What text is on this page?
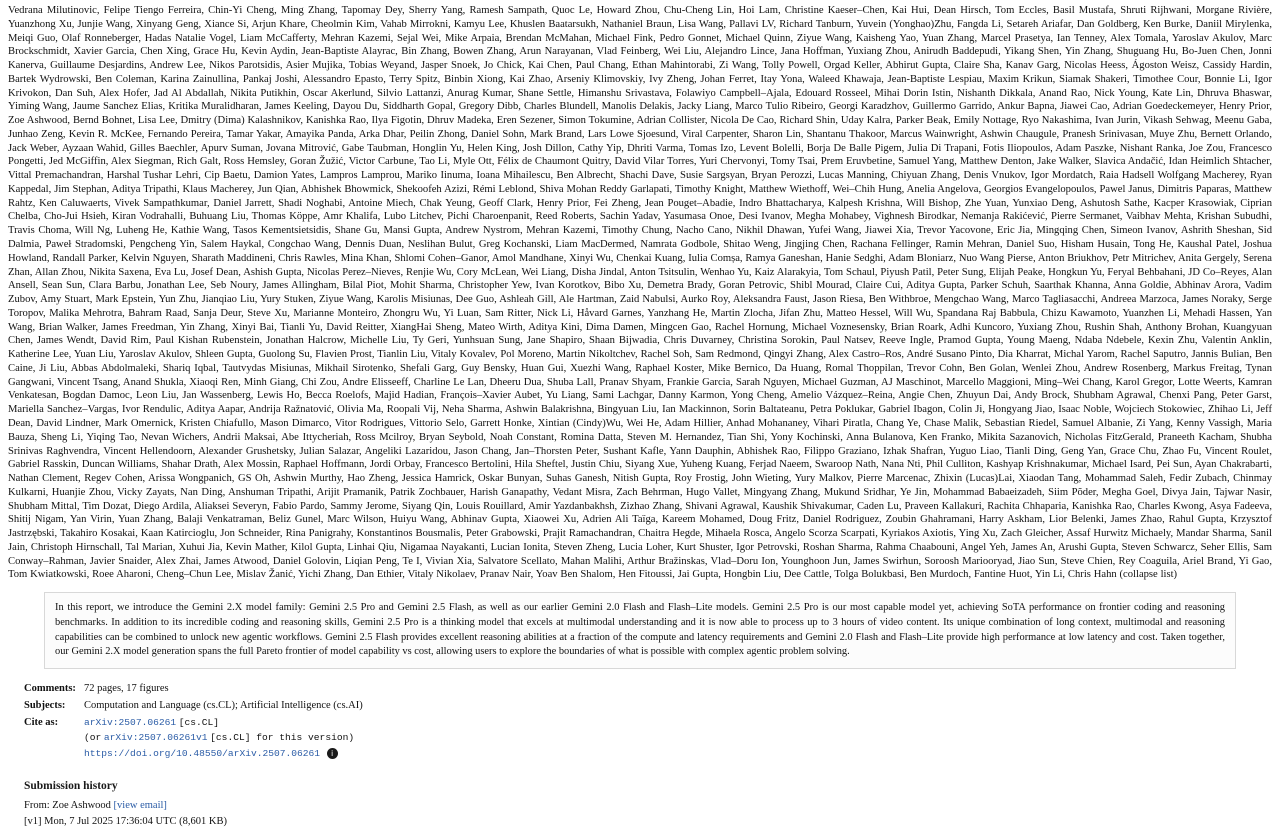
Vedrana Milutinovic, Felipe Tiengo Ferreira, Chin-Yi Cheng, Ming Zhang, Tapomay Dey, Sherry Yang, Ramesh Sampath, Quoc Le, Howard Zhou, Chu-Cheng Lin, Hoi Lam, Christine Kaeser–Chen, Kai Hui, Dean Hirsch, Tom Eccles, Basil Mustafa, Shruti Rijhwani, Morgane Rivière, Yuanzhong Xu, Junjie Wang, Xinyang Geng, Xiance Si, Arjun Khare, Cheolmin Kim, Vahab Mirrokni, Kamyu Lee, Khuslen Baatarsukh, Nathaniel Braun, Lisa Wang, Pallavi LV, Richard Tanburn, Yuvein (Yonghao)Zhu, Fangda Li, Setareh Ariafar, Dan Goldberg, Ken Burke, Daniil Mirylenka, Meiqi Guo, Olaf Ronneberger, Hadas Natalie Vogel, Liam McCafferty, Mehran Kazemi, Sejal Wei, Mike Arpaia, Brendan McMahan, Michael Fink, Pedro Gonnet, Michael Quinn, Ziyue Wang, Kaisheng Yao, Yuan Zhang, Marcel Prasetya, Ian Tenney, Alex Tomala, Yaroslav Akulov, Marc Brockschmidt, Xavier Garcia, Chen Xing, Grace Hu, Kevin Aydin, Jean-Baptiste Alayrac, Bin Zhang, Bowen Zhang, Arun Narayanan, Vlad Feinberg, Wei Liu, Alejandro Lince, Jana Hoffman, Yuxiang Zhou, Anirudh Baddepudi, Yikang Shen, Yin Zhang, Shuguang Hu, Bo-Juen Chen, Jonni Kanerva, Guillaume Desjardins, Andrew Lee, Nikos Parotsidis, Asier Mujika, Tobias Weyand, Jasper Snoek, Jo Chick, Kai Chen, Paul Chang, Ethan Mahintorabi, Zi Wang, Tolly Powell, Orgad Keller, Abhirut Gupta, Claire Sha, Kanav Garg, Nicolas Heess, Ágoston Weisz, Cassidy Hardin, Bartek Wydrowski, Ben Coleman, Karina Zainullina, Pankaj Joshi, Alessandro Epasto, Terry Spitz, Binbin Xiong, Kai Zhao, Arseniy Klimovskiy, Ivy Zheng, Johan Ferret, Itay Yona, Waleed Khawaja, Jean-Baptiste Lespiau, Maxim Krikun, Siamak Shakeri, Timothee Cour, Bonnie Li, Igor Krivokon, Dan Suh, Alex Hofer, Jad Al Abdallah, Nikita Putikhin, Oscar Akerlund, Silvio Lattanzi, Anurag Kumar, Shane Settle, Himanshu Srivastava, Folawiyo Campbell–Ajala, Edouard Rosseel, Mihai Dorin Istin, Nishanth Dikkala, Anand Rao, Nick Young, Kate Lin, Dhruva Bhaswar, Yiming Wang, Jaume Sanchez Elias, Kritika Muralidharan, James Keeling, Dayou Du, Siddharth Gopal, Gregory Dibb, Charles Blundell, Manolis Delakis, Jacky Liang, Marco Tulio Ribeiro, Georgi Karadzhov, Guillermo Garrido, Ankur Bapna, Jiawei Cao, Adrian Goedeckemeyer, Henry Prior, Zoe Ashwood, Bernd Bohnet, Lisa Lee, Dmitry (Dima) Kalashnikov, Kanishka Rao, Ilya Figotin, Dhruv Madeka, Eren Sezener, Simon Tokumine, Adrian Collister, Nicola De Cao, Richard Shin, Uday Kalra, Parker Beak, Emily Nottage, Ryo Nakashima, Ivan Jurin, Vikash Sehwag, Meenu Gaba, Junhao Zeng, Kevin R. McKee, Fernando Pereira, Tamar Yakar, Amayika Panda, Arka Dhar, Peilin Zhong, Daniel Sohn, Mark Brand, Lars Lowe Sjoesund, Viral Carpenter, Sharon Lin, Shantanu Thakoor, Marcus Wainwright, Ashwin Chaugule, Pranesh Srinivasan, Muye Zhu, Bernett Orlando, Jack Weber, Ayzaan Wahid, Gilles Baechler, Apurv Suman, Jovana Mitrović, Gabe Taubman, Honglin Yu, Helen King, Josh Dillon, Cathy Yip, Dhriti Varma, Tomas Izo, Levent Bolelli, Borja De Balle Pigem, Julia Di Trapani, Fotis Iliopoulos, Adam Paszke, Nishant Ranka, Joe Zou, Francesco Pongetti, Jed McGiffin, Alex Siegman, Rich Galt, Ross Hemsley, Goran Žužić, Victor Carbune, Tao Li, Myle Ott, Félix de Chaumont Quitry, David Vilar Torres, Yuri Chervonyi, Tomy Tsai, Prem Eruvbetine, Samuel Yang, Matthew Denton, Jake Walker, Slavica Andačić, Idan Heimlich Shtacher, Vittal Premachandran, Harshal Tushar Lehri, Cip Baetu, Damion Yates, Lampros Lamprou, Mariko Iinuma, Ioana Mihailescu, Ben Albrecht, Shachi Dave, Susie Sargsyan, Bryan Perozzi, Lucas Manning, Chiyuan Zhang, Denis Vnukov, Igor Mordatch, Raia Hadsell Wolfgang Macherey, Ryan Kappedal, Jim Stephan, Aditya Tripathi, Klaus Macherey, Jun Qian, Abhishek Bhowmick, Shekoofeh Azizi, Rémi Leblond, Shiva Mohan Reddy Garlapati, Timothy Knight, Matthew Wiethoff, Wei–Chih Hung, Anelia Angelova, Georgios Evangelopoulos, Pawel Janus, Dimitris Paparas, Matthew Rahtz, Ken Caluwaerts, Vivek Sampathkumar, Daniel Jarrett, Shadi Noghabi, Antoine Miech, Chak Yeung, Geoff Clark, Henry Prior, Fei Zheng, Jean Pouget–Abadie, Indro Bhattacharya, Kalpesh Krishna, Will Bishop, Zhe Yuan, Yunxiao Deng, Ashutosh Sathe, Kacper Krasowiak, Ciprian Chelba, Cho-Jui Hsieh, Kiran Vodrahalli, Buhuang Liu, Thomas Köppe, Amr Khalifa, Lubo Litchev, Pichi Charoenpanit, Reed Roberts, Sachin Yadav, Yasumasa Onoe, Desi Ivanov, Megha Mohabey, Vighnesh Birodkar, Nemanja Rakićević, Pierre Sermanet, Vaibhav Mehta, Krishan Subudhi, Travis Choma, Will Ng, Luheng He, Kathie Wang, Tasos Kementsietsidis, Shane Gu, Mansi Gupta, Andrew Nystrom, Mehran Kazemi, Timothy Chung, Nacho Cano, Nikhil Dhawan, Yufei Wang, Jiawei Xia, Trevor Yacovone, Eric Jia, Mingqing Chen, Simeon Ivanov, Ashrith Sheshan, Sid Dalmia, Paweł Stradomski, Pengcheng Yin, Salem Haykal, Congchao Wang, Dennis Duan, Neslihan Bulut, Greg Kochanski, Liam MacDermed, Namrata Godbole, Shitao Weng, Jingjing Chen, Rachana Fellinger, Ramin Mehran, Daniel Suo, Hisham Husain, Tong He, Kaushal Patel, Joshua Howland, Randall Parker, Kelvin Nguyen, Sharath Maddineni, Chris Rawles, Mina Khan, Shlomi Cohen–Ganor, Amol Mandhane, Xinyi Wu, Chenkai Kuang, Iulia Comșa, Ramya Ganeshan, Hanie Sedghi, Adam Bloniarz, Nuo Wang Pierse, Anton Briukhov, Petr Mitrichev, Anita Gergely, Serena Zhan, Allan Zhou, Nikita Saxena, Eva Lu, Josef Dean, Ashish Gupta, Nicolas Perez–Nieves, Renjie Wu, Cory McLean, Wei Liang, Disha Jindal, Anton Tsitsulin, Wenhao Yu, Kaiz Alarakyia, Tom Schaul, Piyush Patil, Peter Sung, Elijah Peake, Hongkun Yu, Feryal Behbahani, JD Co–Reyes, Alan Ansell, Sean Sun, Clara Barbu, Jonathan Lee, Seb Noury, James Allingham, Bilal Piot, Mohit Sharma, Christopher Yew, Ivan Korotkov, Bibo Xu, Demetra Brady, Goran Petrovic, Shibl Mourad, Claire Cui, Aditya Gupta, Parker Schuh, Saarthak Khanna, Anna Goldie, Abhinav Arora, Vadim Zubov, Amy Stuart, Mark Epstein, Yun Zhu, Jianqiao Liu, Yury Stuken, Ziyue Wang, Karolis Misiunas, Dee Guo, Ashleah Gill, Ale Hartman, Zaid Nabulsi, Aurko Roy, Aleksandra Faust, Jason Riesa, Ben Withbroe, Mengchao Wang, Marco Tagliasacchi, Andreea Marzoca, James Noraky, Serge Toropov, Malika Mehrotra, Bahram Raad, Sanja Deur, Steve Xu, Marianne Monteiro, Zhongru Wu, Yi Luan, Sam Ritter, Nick Li, Håvard Garnes, Yanzhang He, Martin Zlocha, Jifan Zhu, Matteo Hessel, Will Wu, Spandana Raj Babbula, Chizu Kawamoto, Yuanzhen Li, Mehadi Hassen, Yan Wang, Brian Walker, James Freedman, Yin Zhang, Xinyi Bai, Tianli Yu, David Reitter, XiangHai Sheng, Mateo Wirth, Aditya Kini, Dima Damen, Mingcen Gao, Rachel Hornung, Michael Voznesensky, Brian Roark, Adhi Kuncoro, Yuxiang Zhou, Rushin Shah, Anthony Brohan, Kuangyuan Chen, James Wendt, David Rim, Paul Kishan Rubenstein, Jonathan Halcrow, Michelle Liu, Ty Geri, Yunhsuan Sung, Jane Shapiro, Shaan Bijwadia, Chris Duvarney, Christina Sorokin, Paul Natsev, Reeve Ingle, Pramod Gupta, Young Maeng, Ndaba Ndebele, Kexin Zhu, Valentin Anklin, Katherine Lee, Yuan Liu, Yaroslav Akulov, Shleen Gupta, Guolong Su, Flavien Prost, Tianlin Liu, Vitaly Kovalev, Pol Moreno, Martin Nikoltchev, Rachel Soh, Sam Redmond, Qingyi Zhang, Alex Castro–Ros, André Susano Pinto, Dia Kharrat, Michal Yarom, Rachel Saputro, Jannis Bulian, Ben Caine, Ji Liu, Abbas Abdolmaleki, Shariq Iqbal, Tautvydas Misiunas, Mikhail Sirotenko, Shefali Garg, Guy Bensky, Huan Gui, Xuezhi Wang, Raphael Koster, Mike Bernico, Da Huang, Romal Thoppilan, Trevor Cohn, Ben Golan, Wenlei Zhou, Andrew Rosenberg, Markus Freitag, Tynan Gangwani, Vincent Tsang, Anand Shukla, Xiaoqi Ren, Minh Giang, Chi Zou, Andre Elisseeff, Charline Le Lan, Dheeru Dua, Shuba Lall, Pranav Shyam, Frankie Garcia, Sarah Nguyen, Michael Guzman, AJ Maschinot, Marcello Maggioni, Ming–Wei Chang, Karol Gregor, Lotte Weerts, Kamran Venkatesan, Bogdan Damoc, Leon Liu, Jan Wassenberg, Lewis Ho, Becca Roelofs, Majid Hadian, François–Xavier Aubet, Yu Liang, Sami Lachgar, Danny Karmon, Yong Cheng, Amelio Vázquez–Reina, Angie Chen, Zhuyun Dai, Andy Brock, Shubham Agrawal, Chenxi Pang, Peter Garst, Mariella Sanchez–Vargas, Ivor Rendulic, Aditya Aapar, Andrija Ražnatović, Olivia Ma, Roopali Vij, Neha Sharma, Ashwin Balakrishna, Bingyuan Liu, Ian Mackinnon, Sorin Baltateanu, Petra Poklukar, Gabriel Ibagon, Colin Ji, Hongyang Jiao, Isaac Noble, Wojciech Stokowiec, Zhihao Li, Jeff Dean, David Lindner, Mark Omernick, Kristen Chiafullo, Mason Dimarco, Vitor Rodrigues, Vittorio Selo, Garrett Honke, Xintian (Cindy)Wu, Wei He, Adam Hillier, Anhad Mohananey, Vihari Piratla, Chang Ye, Chase Malik, Sebastian Riedel, Samuel Albanie, Zi Yang, Kenny Vassigh, Maria Bauza, Sheng Li, Yiqing Tao, Nevan Wichers, Andrii Maksai, Abe Ittycheriah, Ross Mcilroy, Bryan Seybold, Noah Constant, Romina Datta, Steven M. Hernandez, Tian Shi, Yony Kochinski, Anna Bulanova, Ken Franko, Mikita Sazanovich, Nicholas FitzGerald, Praneeth Kacham, Shubha Srinivas Raghvendra, Vincent Hellendoorn, Alexander Grushetsky, Julian Salazar, Angeliki Lazaridou, Jason Chang, Jan–Thorsten Peter, Sushant Kafle, Yann Dauphin, Abhishek Rao, Filippo Graziano, Izhak Shafran, Yuguo Liao, Tianli Ding, Geng Yan, Grace Chu, Zhao Fu, Vincent Roulet, Gabriel Rasskin, Duncan Williams, Shahar Drath, Alex Mossin, Raphael Hoffmann, Jordi Orbay, Francesco Bertolini, Hila Sheftel, Justin Chiu, Siyang Xue, Yuheng Kuang, Ferjad Naeem, Swaroop Nath, Nana Nti, Phil Culliton, Kashyap Krishnakumar, Michael Isard, Pei Sun, Ayan Chakrabarti, Nathan Clement, Regev Cohen, Arissa Wongpanich, GS Oh, Ashwin Murthy, Hao Zheng, Jessica Hamrick, Oskar Bunyan, Suhas Ganesh, Nitish Gupta, Roy Frostig, John Wieting, Yury Malkov, Pierre Marcenac, Zhixin (Lucas)Lai, Xiaodan Tang, Mohammad Saleh, Fedir Zubach, Chinmay Kulkarni, Huanjie Zhou, Vicky Zayats, Nan Ding, Anshuman Tripathi, Arijit Pramanik, Patrik Zochbauer, Harish Ganapathy, Vedant Misra, Zach Behrman, Hugo Vallet, Mingyang Zhang, Mukund Sridhar, Ye Jin, Mohammad Babaeizadeh, Siim Põder, Megha Goel, Divya Jain, Tajwar Nasir, Shubham Mittal, Tim Dozat, Diego Ardila, Aliaksei Severyn, Fabio Pardo, Sammy Jerome, Siyang Qin, Louis Rouillard, Amir Yazdanbakhsh, Zizhao Zhang, Shivani Agrawal, Kaushik Shivakumar, Caden Lu, Praveen Kallakuri, Rachita Chhaparia, Kanishka Rao, Charles Kwong, Asya Fadeeva, Shitij Nigam, Yan Virin, Yuan Zhang, Balaji Venkatraman, Beliz Gunel, Marc Wilson, Huiyu Wang, Abhinav Gupta, Xiaowei Xu, Adrien Ali Taïga, Kareem Mohamed, Doug Fritz, Daniel Rodriguez, Zoubin Ghahramani, Harry Askham, Lior Belenki, James Zhao, Rahul Gupta, Krzysztof Jastrzębski, Takahiro Kosakai, Kaan Katircioglu, Jon Schneider, Rina Panigrahy, Konstantinos Bousmalis, Peter Grabowski, Prajit Ramachandran, Chaitra Hegde, Mihaela Rosca, Angelo Scorza Scarpati, Kyriakos Axiotis, Ying Xu, Zach Gleicher, Assaf Hurwitz Michaely, Mandar Sharma, Sanil Jain, Christoph Hirnschall, Tal Marian, Xuhui Jia, Kevin Mather, Kilol Gupta, Linhai Qiu, Nigamaa Nayakanti, Lucian Ionita, Steven Zheng, Lucia Loher, Kurt Shuster, Igor Petrovski, Roshan Sharma, Rahma Chaabouni, Angel Yeh, James An, Arushi Gupta, Steven Schwarcz, Seher Ellis, Sam Conway–Rahman, Javier Snaider, Alex Zhai, James Atwood, Daniel Golovin, Liqian Peng, Te I, Vivian Xia, Salvatore Scellato, Mahan Malihi, Arthur Bražinskas, Vlad–Doru Ion, Younghoon Jun, James Swirhun, Soroosh Mariooryad, Jiao Sun, Steve Chien, Rey Coaguila, Ariel Brand, Yi Gao, Tom Kwiatkowski, Roee Aharoni, Cheng–Chun Lee, Mislav Žanić, Yichi Zhang, Dan Ethier, Vitaly Nikolaev, Pranav Nair, Yoav Ben Shalom, Hen Fitoussi, Jai Gupta, Hongbin Liu, Dee Cattle, Tolga Bolukbasi, Ben Murdoch, Fantine Huot, Yin Li, Chris Hahn (collapse list)
In this report, we introduce the Gemini 2.X model family: Gemini 2.5 Pro and Gemini 2.5 Flash, as well as our earlier Gemini 2.0 Flash and Flash–Lite models. Gemini 2.5 Pro is our most capable model yet, achieving SoTA performance on frontier coding and reasoning benchmarks. In addition to its incredible coding and reasoning skills, Gemini 2.5 Pro is a thinking model that excels at multimodal understanding and it is now able to process up to 3 hours of video content. Its unique combination of long context, multimodal and reasoning capabilities can be combined to unlock new agentic workflows. Gemini 2.5 Flash provides excellent reasoning abilities at a fraction of the compute and latency requirements and Gemini 2.0 Flash and Flash–Lite provide high performance at low latency and cost. Taken together, our Gemini 2.X model generation spans the full Pareto frontier of model capability vs cost, allowing users to explore the boundaries of what is possible with complex agentic problem solving.
Comments: 72 pages, 17 figures
Subjects:	Computation and Language (cs.CL); Artificial Intelligence (cs.AI)
Cite as:	arXiv:2507.06261 [cs.CL]
(or arXiv:2507.06261v1 [cs.CL] for this version)
https://doi.org/10.48550/arXiv.2507.06261 i
Submission history
From: Zoe Ashwood [view email]
[v1] Mon, 7 Jul 2025 17:36:04 UTC (8,601 KB)
